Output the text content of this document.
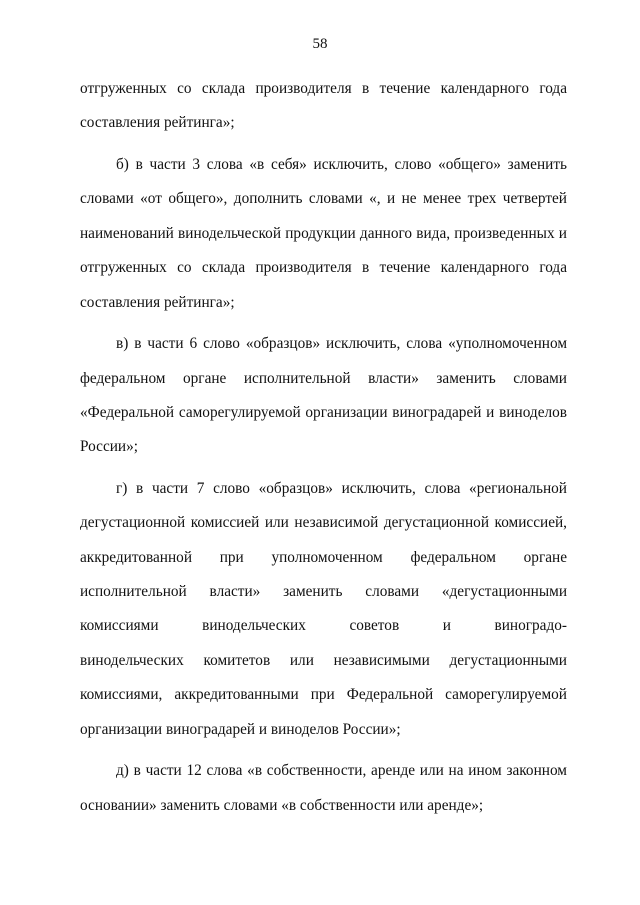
58
отгруженных со склада производителя в течение календарного года
составления рейтинга»;
б) в части 3 слова «в себя» исключить, слово «общего» заменить
словами «от общего», дополнить словами «, и не менее трех четвертей
наименований винодельческой продукции данного вида, произведенных и
отгруженных со склада производителя в течение календарного года
составления рейтинга»;
в) в части 6 слово «образцов» исключить, слова «уполномоченном
федеральном органе исполнительной власти» заменить словами
«Федеральной саморегулируемой организации виноградарей и виноделов
России»;
г) в части 7 слово «образцов» исключить, слова «региональной
дегустационной комиссией или независимой дегустационной комиссией,
аккредитованной при уполномоченном федеральном органе
исполнительной власти» заменить словами «дегустационными
комиссиями винодельческих советов и виноградо-
винодельческих комитетов или независимыми дегустационными
комиссиями, аккредитованными при Федеральной саморегулируемой
организации виноградарей и виноделов России»;
д) в части 12 слова «в собственности, аренде или на ином законном
основании» заменить словами «в собственности или аренде»;
